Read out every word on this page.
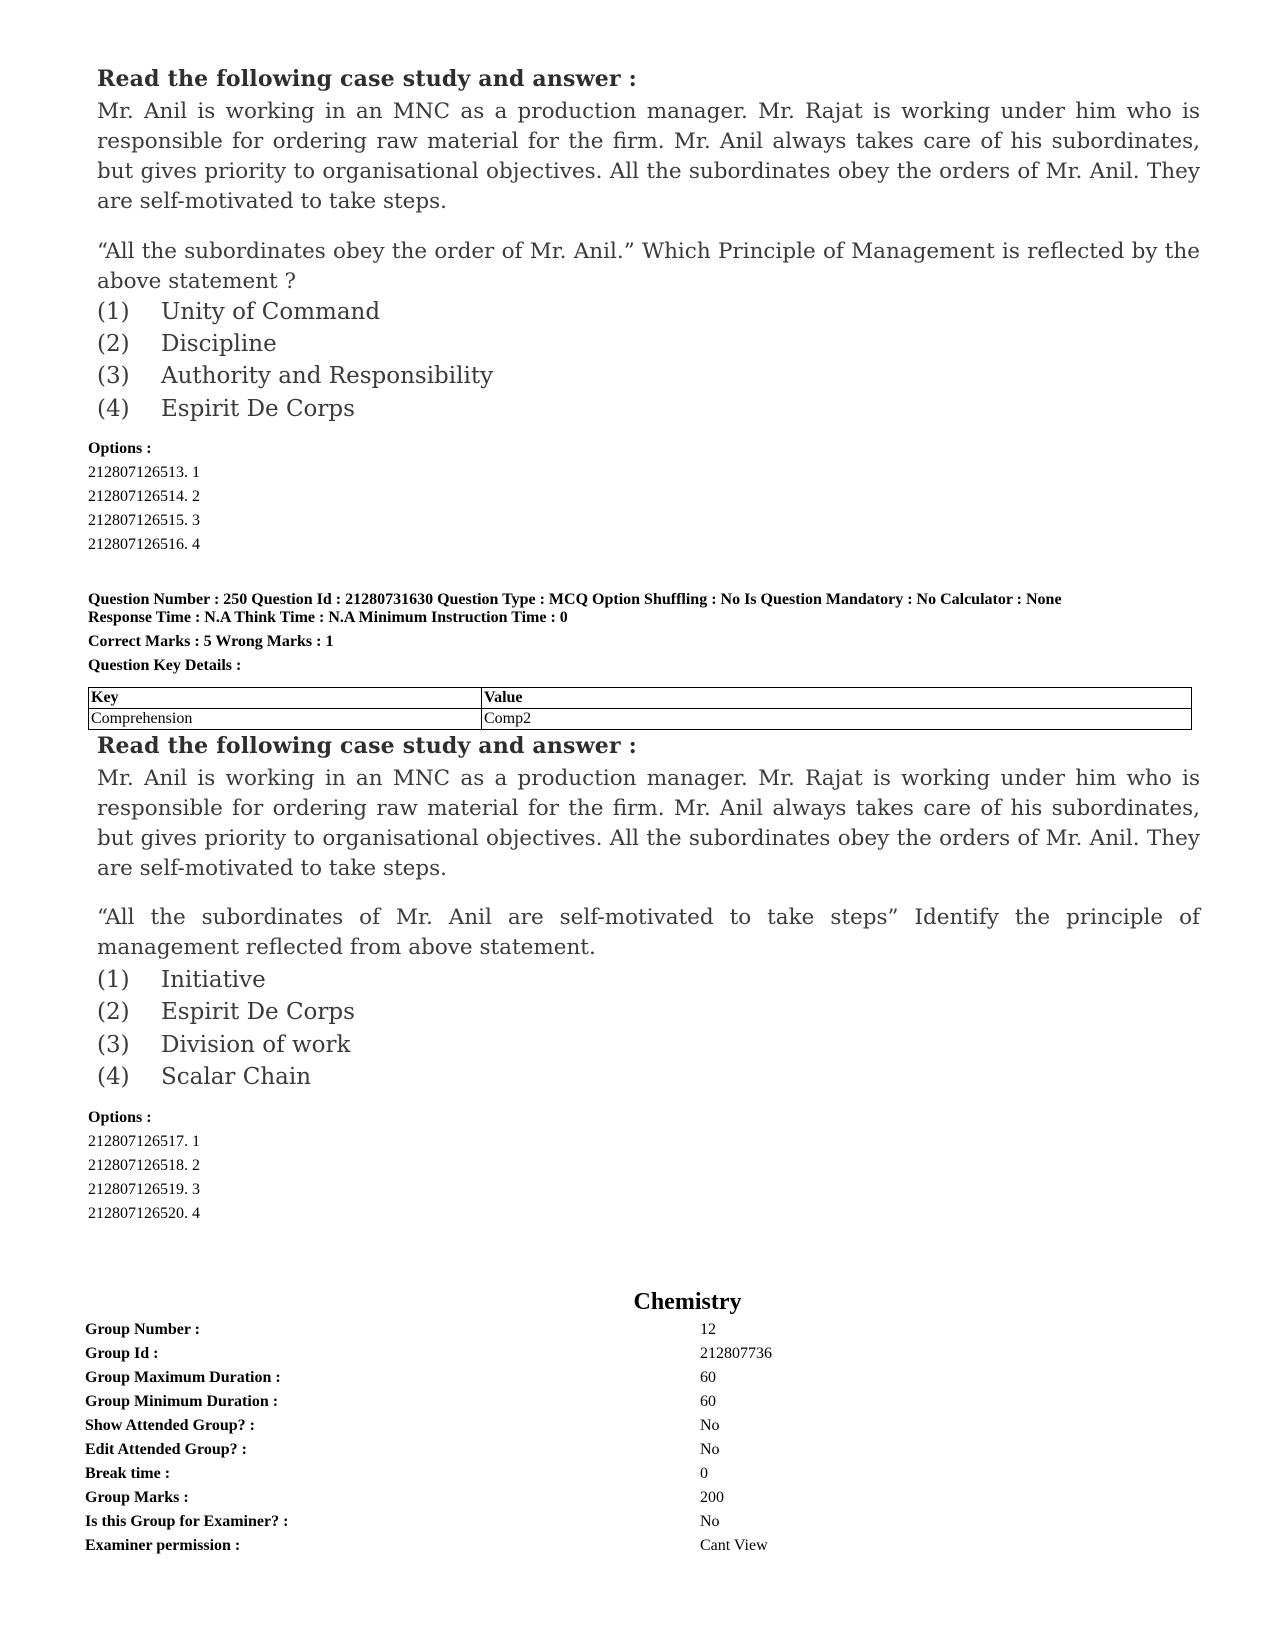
Read the following case study and answer :
Mr. Anil is working in an MNC as a production manager. Mr. Rajat is working under him who is responsible for ordering raw material for the firm. Mr. Anil always takes care of his subordinates, but gives priority to organisational objectives. All the subordinates obey the orders of Mr. Anil. They are self-motivated to take steps.
“All the subordinates obey the order of Mr. Anil.” Which Principle of Management is reflected by the above statement ?
(1)	Unity of Command
(2)	Discipline
(3)	Authority and Responsibility
(4)	Espirit De Corps
Options :
212807126513. 1
212807126514. 2
212807126515. 3
212807126516. 4
Question Number : 250 Question Id : 21280731630 Question Type : MCQ Option Shuffling : No Is Question Mandatory : No Calculator : None
Response Time : N.A Think Time : N.A Minimum Instruction Time : 0
Correct Marks : 5 Wrong Marks : 1
Question Key Details :
Key	Value
Comprehension	Comp2
Read the following case study and answer :
Mr. Anil is working in an MNC as a production manager. Mr. Rajat is working under him who is responsible for ordering raw material for the firm. Mr. Anil always takes care of his subordinates, but gives priority to organisational objectives. All the subordinates obey the orders of Mr. Anil. They are self-motivated to take steps.
“All the subordinates of Mr. Anil are self-motivated to take steps” Identify the principle of management reflected from above statement.
(1)	Initiative
(2)	Espirit De Corps
(3)	Division of work
(4)	Scalar Chain
Options :
212807126517. 1
212807126518. 2
212807126519. 3
212807126520. 4
Chemistry
Group Number :	12
Group Id :	212807736
Group Maximum Duration :	60
Group Minimum Duration :	60
Show Attended Group? :	No
Edit Attended Group? :	No
Break time :	0
Group Marks :	200
Is this Group for Examiner? :	No
Examiner permission :	Cant View
